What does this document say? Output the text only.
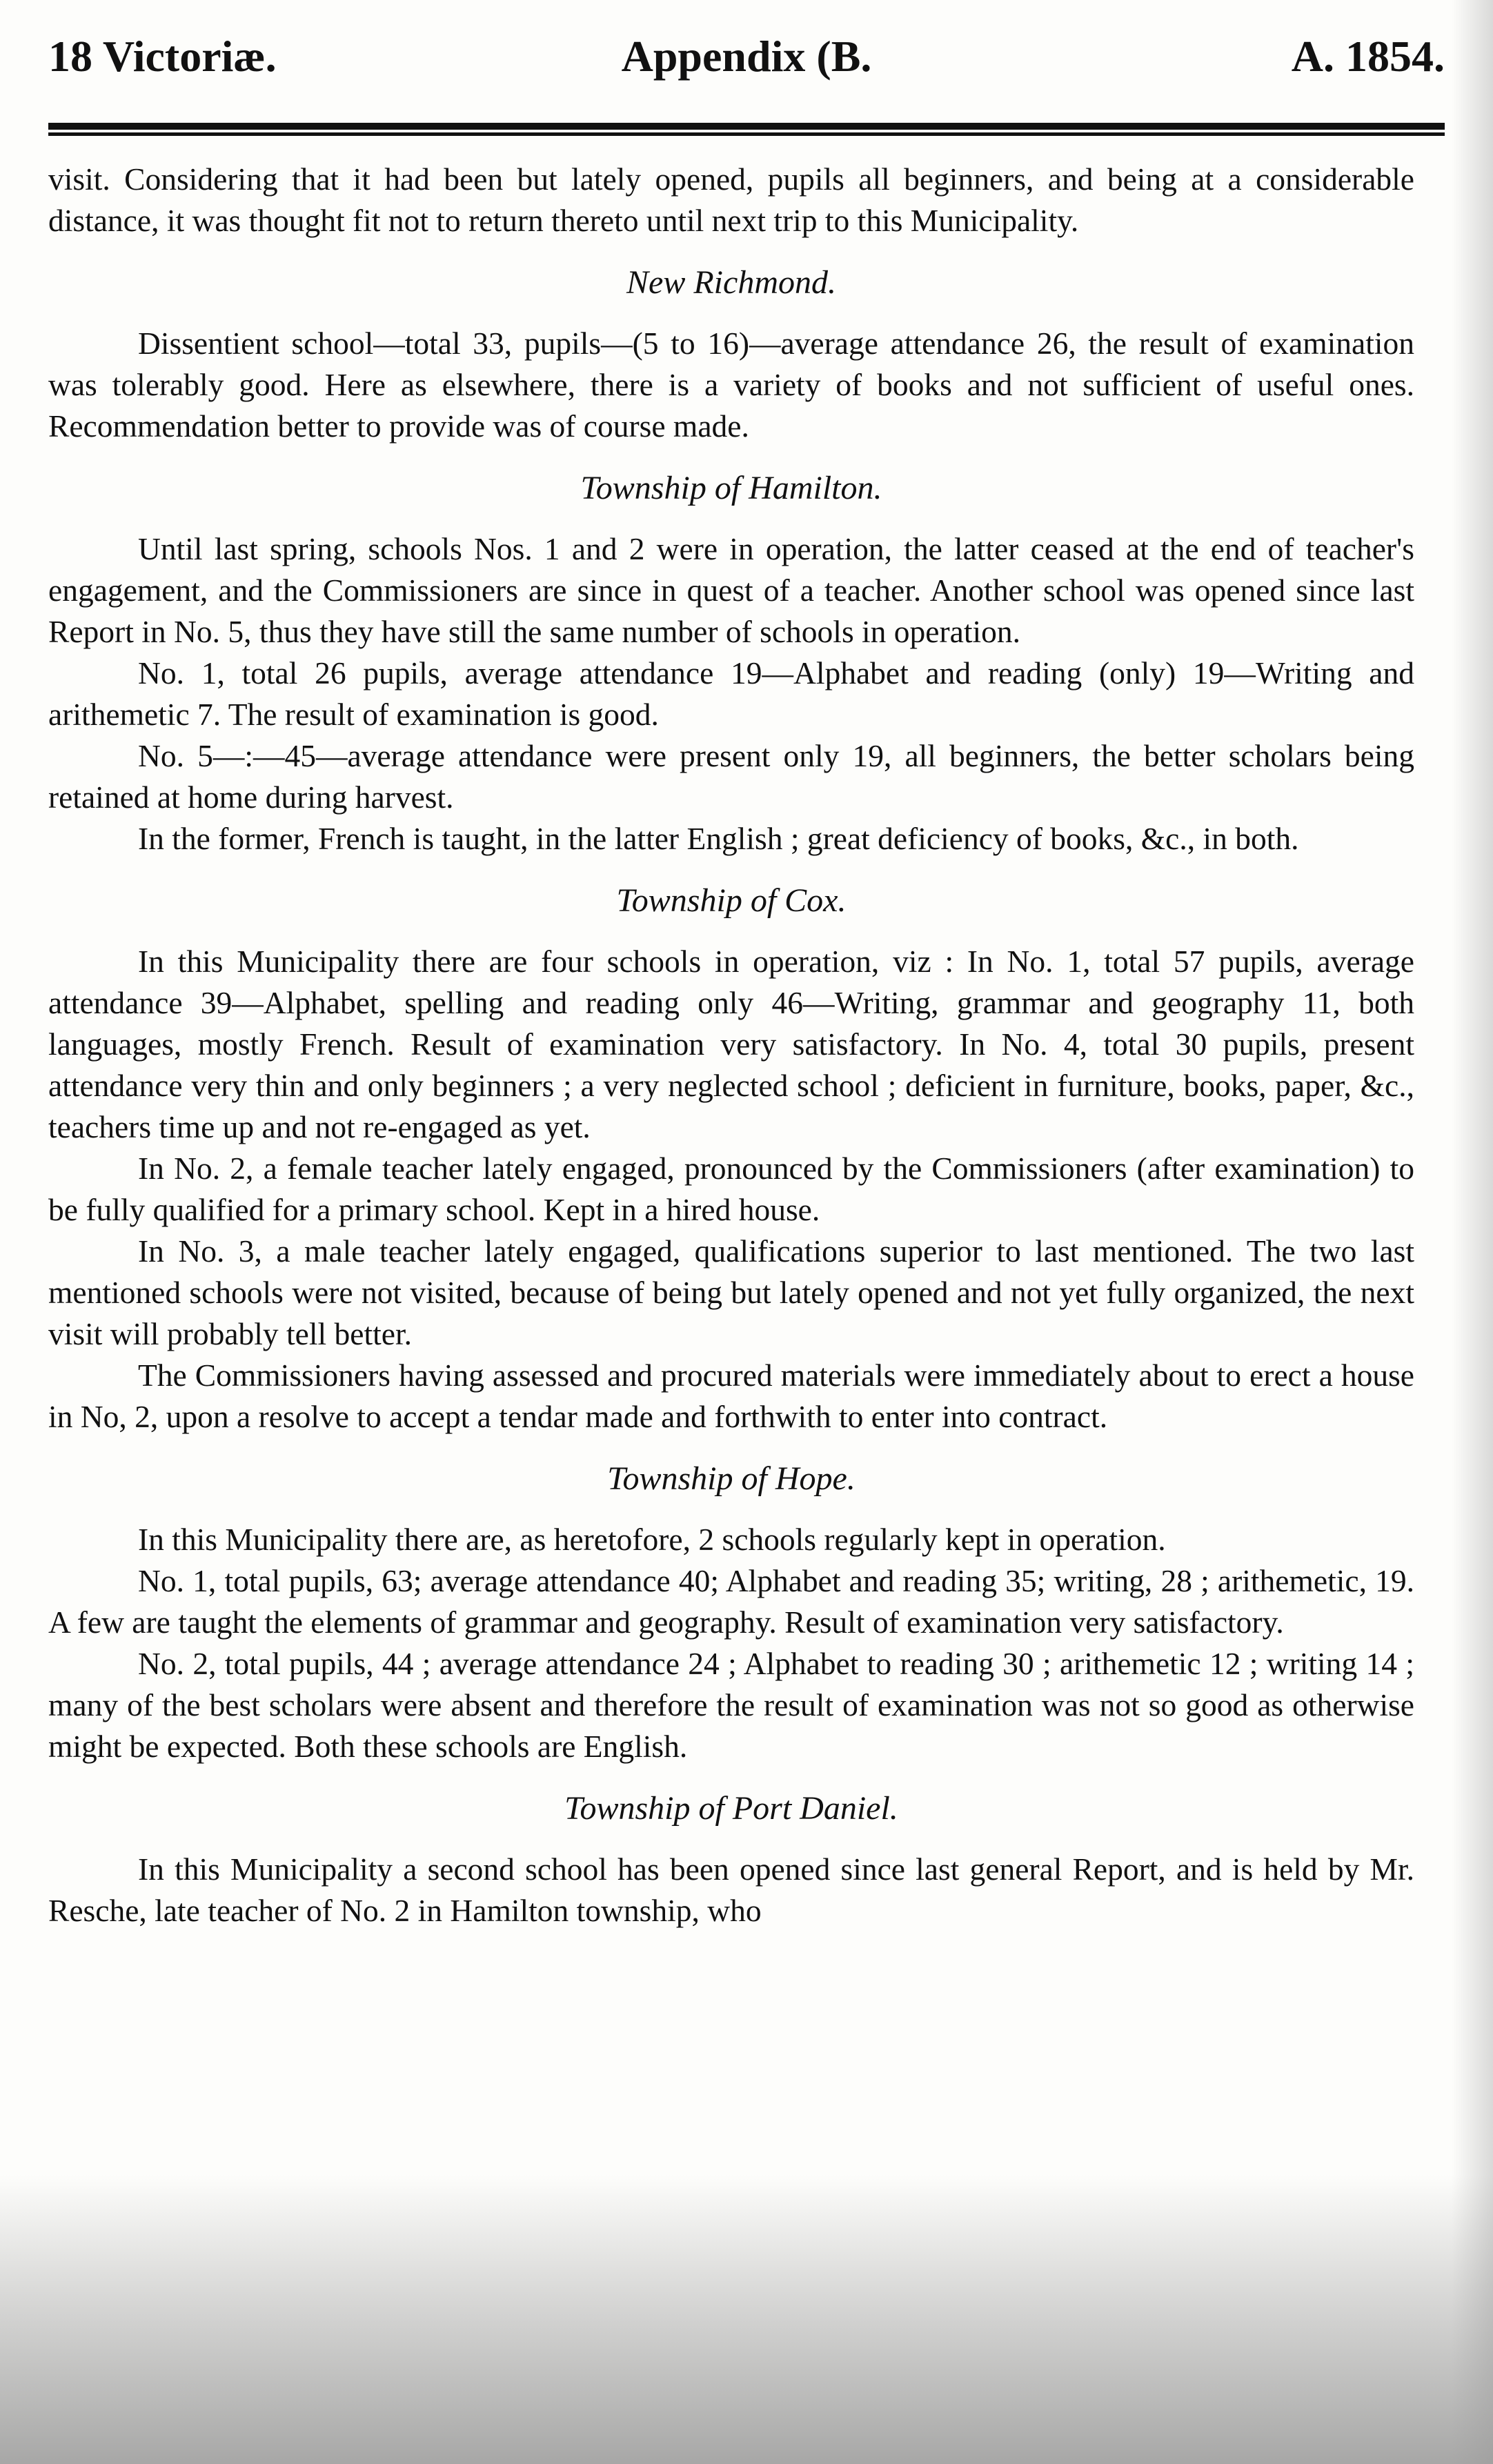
18 Victoriæ.	Appendix (B.	A. 1854.

visit. Considering that it had been but lately opened, pupils all beginners, and being at a considerable distance, it was thought fit not to return thereto until next trip to this Municipality.

New Richmond.

Dissentient school—total 33, pupils—(5 to 16)—average attendance 26, the result of examination was tolerably good. Here as elsewhere, there is a variety of books and not sufficient of useful ones. Recommendation better to provide was of course made.

Township of Hamilton.

Until last spring, schools Nos. 1 and 2 were in operation, the latter ceased at the end of teacher's engagement, and the Commissioners are since in quest of a teacher. Another school was opened since last Report in No. 5, thus they have still the same number of schools in operation.

No. 1, total 26 pupils, average attendance 19—Alphabet and reading (only) 19—Writing and arithemetic 7. The result of examination is good.

No. 5—:—45—average attendance were present only 19, all beginners, the better scholars being retained at home during harvest.

In the former, French is taught, in the latter English ; great deficiency of books, &c., in both.

Township of Cox.

In this Municipality there are four schools in operation, viz : In No. 1, total 57 pupils, average attendance 39—Alphabet, spelling and reading only 46—Writing, grammar and geography 11, both languages, mostly French. Result of examination very satisfactory. In No. 4, total 30 pupils, present attendance very thin and only beginners ; a very neglected school ; deficient in furniture, books, paper, &c., teachers time up and not re-engaged as yet.

In No. 2, a female teacher lately engaged, pronounced by the Commissioners (after examination) to be fully qualified for a primary school. Kept in a hired house.

In No. 3, a male teacher lately engaged, qualifications superior to last mentioned. The two last mentioned schools were not visited, because of being but lately opened and not yet fully organized, the next visit will probably tell better.

The Commissioners having assessed and procured materials were immediately about to erect a house in No, 2, upon a resolve to accept a tendar made and forthwith to enter into contract.

Township of Hope.

In this Municipality there are, as heretofore, 2 schools regularly kept in operation.

No. 1, total pupils, 63; average attendance 40; Alphabet and reading 35; writing, 28 ; arithemetic, 19. A few are taught the elements of grammar and geography. Result of examination very satisfactory.

No. 2, total pupils, 44 ; average attendance 24 ; Alphabet to reading 30 ; arithemetic 12 ; writing 14 ; many of the best scholars were absent and therefore the result of examination was not so good as otherwise might be expected. Both these schools are English.

Township of Port Daniel.

In this Municipality a second school has been opened since last general Report, and is held by Mr. Resche, late teacher of No. 2 in Hamilton township, who
